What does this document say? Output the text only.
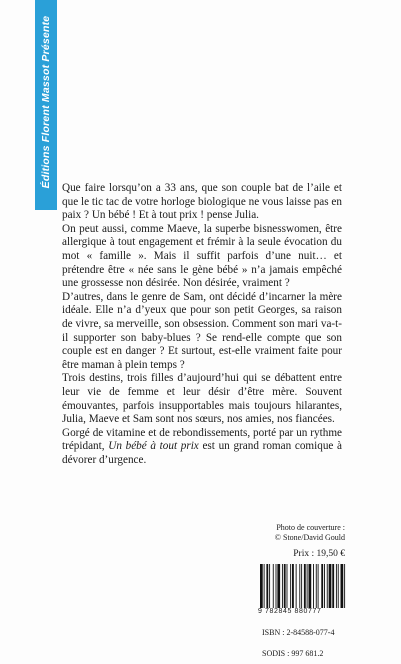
Éditions Florent Massot Présente Que faire lorsqu’on a 33 ans, que son couple bat de l’aile et que le tic tac de votre horloge biologique ne vous laisse pas en paix ? Un bébé ! Et à tout prix ! pense Julia.

On peut aussi, comme Maeve, la superbe bisnesswomen, être allergique à tout engagement et frémir à la seule évocation du mot « famille ». Mais il suffit parfois d’une nuit… et prétendre être « née sans le gène bébé » n’a jamais empêché une grossesse non désirée. Non désirée, vraiment ?

D’autres, dans le genre de Sam, ont décidé d’incarner la mère idéale. Elle n’a d’yeux que pour son petit Georges, sa raison de vivre, sa merveille, son obsession. Comment son mari va-t-il supporter son baby-blues ? Se rend-elle compte que son couple est en danger ? Et surtout, est-elle vraiment faite pour être maman à plein temps ?

Trois destins, trois filles d’aujourd’hui qui se débattent entre leur vie de femme et leur désir d’être mère. Souvent émouvantes, parfois insupportables mais toujours hilarantes, Julia, Maeve et Sam sont nos sœurs, nos amies, nos fiancées.

Gorgé de vitamine et de rebondissements, porté par un rythme trépidant, Un bébé à tout prix est un grand roman comique à dévorer d’urgence.

Photo de couverture :
© Stone/David Gould
Prix : 19,50 €
9 782845 880777
ISBN : 2-84588-077-4
SODIS : 997 681.2
